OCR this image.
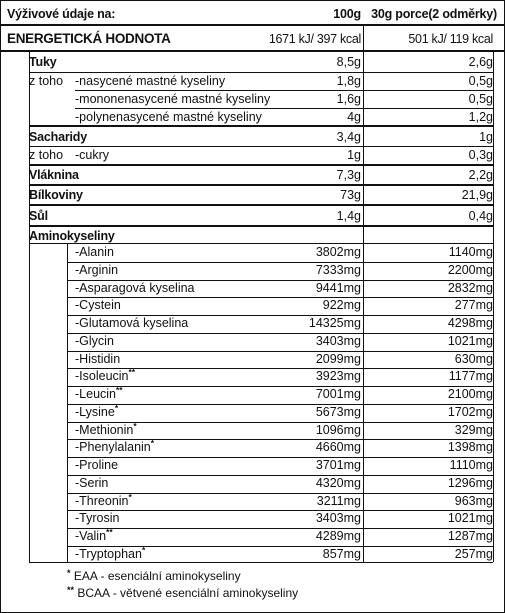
Výživové údaje na:	100g 30g porce(2 odměrky)
ENERGETICKÁ HODNOTA	1671 kJ/ 397 kcal	501 kJ/ 119 kcal
Tuky	8,5g	2,6g
z toho -nasycené mastné kyseliny	1,8g	0,5g
-mononenasycené mastné kyseliny	1,6g	0,5g
-polynenasycené mastné kyseliny	4g	1,2g
Sacharidy	3,4g	1g
z toho -cukry	1g	0,3g
Vláknina	7,3g	2,2g
Bílkoviny	73g	21,9g
Sůl	1,4g	0,4g
Aminokyseliny
* EAA - esenciální aminokyseliny
** BCAA - větvené esenciální aminokyseliny
-Alanin	3802mg	1140mg
-Arginin	7333mg	2200mg
-Asparagová kyselina	9441mg	2832mg
-Cystein	922mg	277mg
-Glutamová kyselina	14325mg	4298mg
-Glycin	3403mg	1021mg
-Histidin	2099mg	630mg
-Isoleucin**	3923mg	1177mg
-Leucin**	7001mg	2100mg
-Lysine*	5673mg	1702mg
-Methionin*	1096mg	329mg
-Phenylalanin*	4660mg	1398mg
-Proline	3701mg	1110mg
-Serin	4320mg	1296mg
-Threonin*	3211mg	963mg
-Tyrosin	3403mg	1021mg
-Valin**	4289mg	1287mg
-Tryptophan*	857mg	257mg
